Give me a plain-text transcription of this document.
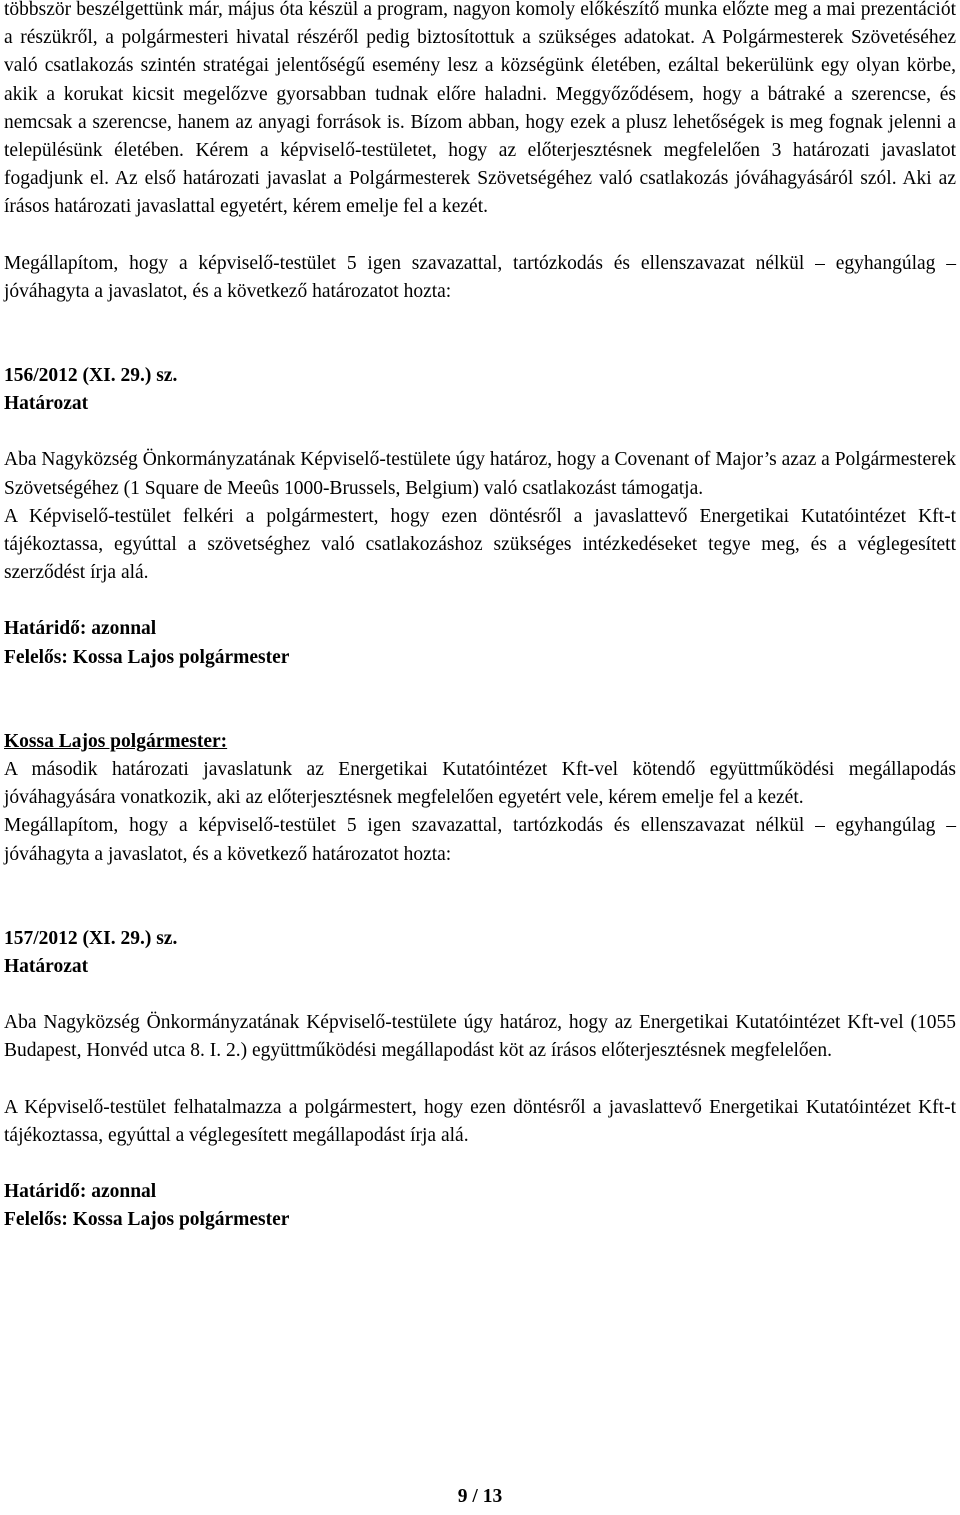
többször beszélgettünk már, május óta készül a program, nagyon komoly előkészítő munka előzte meg a mai prezentációt a részükről, a polgármesteri hivatal részéről pedig biztosítottuk a szükséges adatokat. A Polgármesterek Szövetéséhez való csatlakozás szintén stratégai jelentőségű esemény lesz a községünk életében, ezáltal bekerülünk egy olyan körbe, akik a korukat kicsit megelőzve gyorsabban tudnak előre haladni. Meggyőződésem, hogy a bátraké a szerencse, és nemcsak a szerencse, hanem az anyagi források is. Bízom abban, hogy ezek a plusz lehetőségek is meg fognak jelenni a településünk életében. Kérem a képviselő-testületet, hogy az előterjesztésnek megfelelően 3 határozati javaslatot fogadjunk el. Az első határozati javaslat a Polgármesterek Szövetségéhez való csatlakozás jóváhagyásáról szól. Aki az írásos határozati javaslattal egyetért, kérem emelje fel a kezét.

Megállapítom, hogy a képviselő-testület 5 igen szavazattal, tartózkodás és ellenszavazat nélkül – egyhangúlag – jóváhagyta a javaslatot, és a következő határozatot hozta:

156/2012 (XI. 29.) sz.
Határozat

Aba Nagyközség Önkormányzatának Képviselő-testülete úgy határoz, hogy a Covenant of Major’s azaz a Polgármesterek Szövetségéhez (1 Square de Meeûs 1000-Brussels, Belgium) való csatlakozást támogatja.

A Képviselő-testület felkéri a polgármestert, hogy ezen döntésről a javaslattevő Energetikai Kutatóintézet Kft-t tájékoztassa, egyúttal a szövetséghez való csatlakozáshoz szükséges intézkedéseket tegye meg, és a véglegesített szerződést írja alá.

Határidő: azonnal
Felelős: Kossa Lajos polgármester
Kossa Lajos polgármester:

A második határozati javaslatunk az Energetikai Kutatóintézet Kft-vel kötendő együttműködési megállapodás jóváhagyására vonatkozik, aki az előterjesztésnek megfelelően egyetért vele, kérem emelje fel a kezét.

Megállapítom, hogy a képviselő-testület 5 igen szavazattal, tartózkodás és ellenszavazat nélkül – egyhangúlag – jóváhagyta a javaslatot, és a következő határozatot hozta:

157/2012 (XI. 29.) sz.
Határozat

Aba Nagyközség Önkormányzatának Képviselő-testülete úgy határoz, hogy az Energetikai Kutatóintézet Kft-vel (1055 Budapest, Honvéd utca 8. I. 2.) együttműködési megállapodást köt az írásos előterjesztésnek megfelelően.

A Képviselő-testület felhatalmazza a polgármestert, hogy ezen döntésről a javaslattevő Energetikai Kutatóintézet Kft-t tájékoztassa, egyúttal a véglegesített megállapodást írja alá.

Határidő: azonnal
Felelős: Kossa Lajos polgármester
9 / 13
